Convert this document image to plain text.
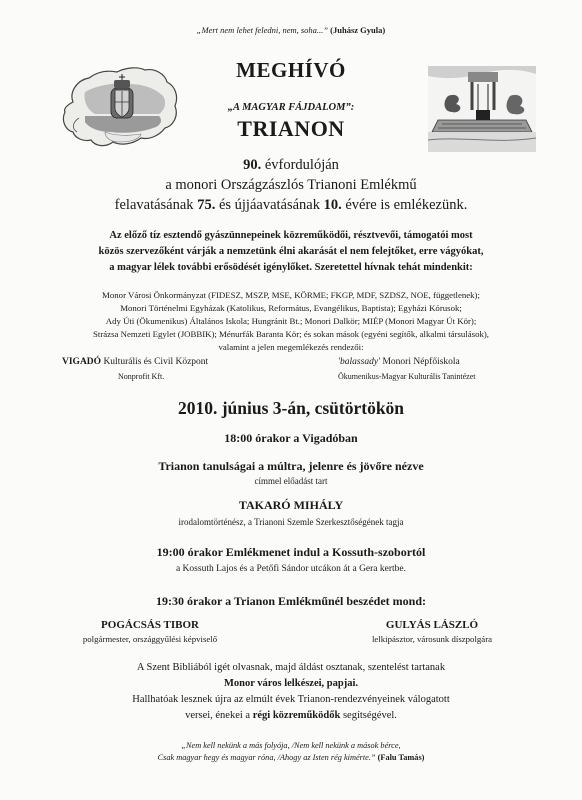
„Mert nem lehet feledni, nem, soha...” (Juhász Gyula)
MEGHÍVÓ
„A MAGYAR FÁJDALOM”:
TRIANON
90. évfordulóján
a monori Országzászlós Trianoni Emlékmű
felavatásának 75. és újjáavatásának 10. évére is emlékezünk.
Az előző tíz esztendő gyászünnepeinek közreműködői, résztvevői, támogatói most
közös szervezőként várják a nemzetünk élni akarását el nem felejtőket, erre vágyókat,
a magyar lélek további erősödését igénylőket. Szeretettel hívnak tehát mindenkit:
Monor Városi Önkormányzat (FIDESZ, MSZP, MSE, KÖRME; FKGP, MDF, SZDSZ, NOE, függetlenek);
Monori Történelmi Egyházak (Katolikus, Református, Evangélikus, Baptista); Egyházi Kórusok;
Ady Úti (Ökumenikus) Általános Iskola; Hungránit Bt.; Monori Dalkör; MIÉP (Monori Magyar Út Kör);
Strázsa Nemzeti Egylet (JOBBIK); Ménurfák Baranta Kör; és sokan mások (egyéni segítők, alkalmi társulások),
valamint a jelen megemlékezés rendezői:
VIGADÓ Kulturális és Civil Központ
Nonprofit Kft.
'balassady' Monori Népfőiskola
Ökumenikus-Magyar Kulturális Tanintézet
2010. június 3-án, csütörtökön
18:00 órakor a Vigadóban
Trianon tanulságai a múltra, jelenre és jövőre nézve
címmel előadást tart
TAKARÓ MIHÁLY
irodalomtörténész, a Trianoni Szemle Szerkesztőségének tagja
19:00 órakor Emlékmenet indul a Kossuth-szobortól
a Kossuth Lajos és a Petőfi Sándor utcákon át a Gera kertbe.
19:30 órakor a Trianon Emlékműnél beszédet mond:
POGÁCSÁS TIBOR
polgármester, országgyűlési képviselő
GULYÁS LÁSZLÓ
lelkipásztor, városunk díszpolgára
A Szent Bibliából igét olvasnak, majd áldást osztanak, szentelést tartanak
Monor város lelkészei, papjai.
Hallhatóak lesznek újra az elmúlt évek Trianon-rendezvényeinek válogatott
versei, énekei a régi közreműködők segítségével.
„Nem kell nekünk a más folyója, /Nem kell nekünk a mások bérce,
Csak magyar hegy és magyar róna, /Ahogy az Isten rég kimérte.” (Falu Tamás)
